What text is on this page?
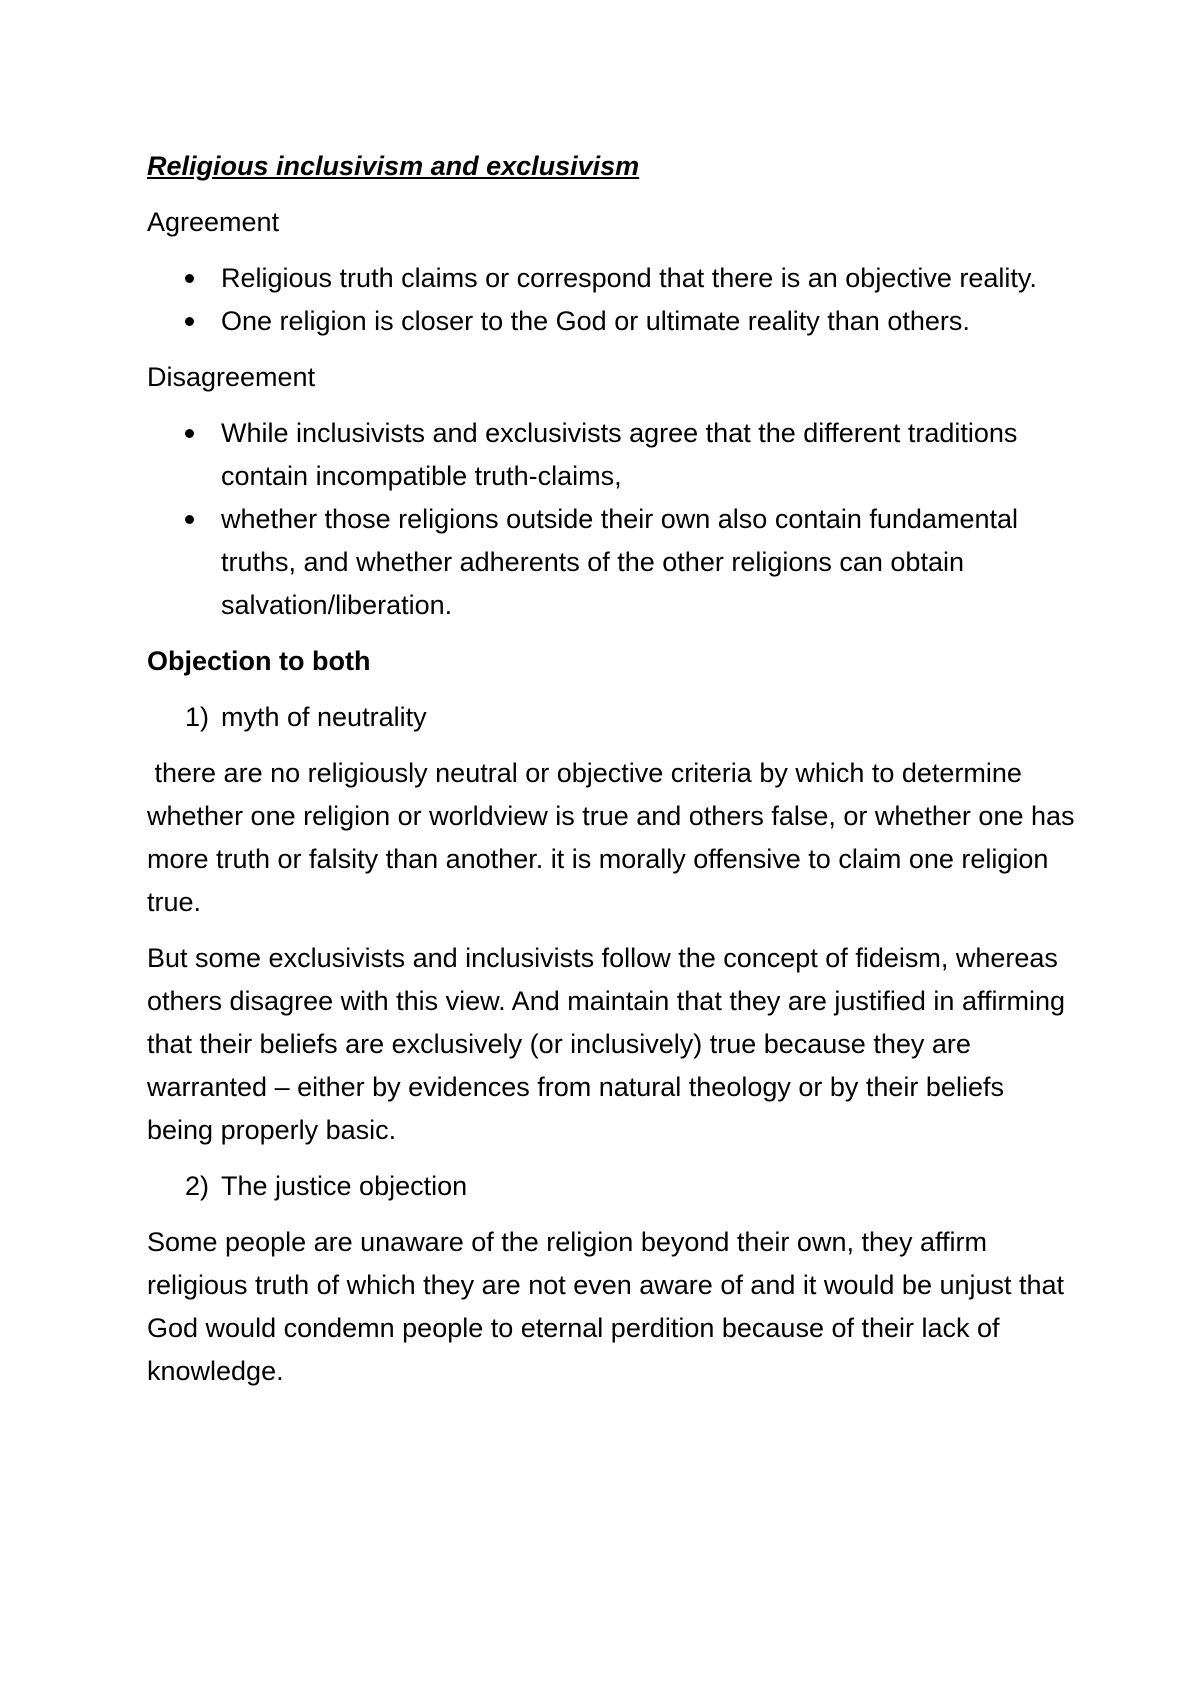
Religious inclusivism and exclusivism
Agreement
Religious truth claims or correspond that there is an objective reality.
One religion is closer to the God or ultimate reality than others.
Disagreement
While inclusivists and exclusivists agree that the different traditions contain incompatible truth-claims,
whether those religions outside their own also contain fundamental truths, and whether adherents of the other religions can obtain salvation/liberation.
Objection to both
1) myth of neutrality
there are no religiously neutral or objective criteria by which to determine whether one religion or worldview is true and others false, or whether one has more truth or falsity than another. it is morally offensive to claim one religion true.
But some exclusivists and inclusivists follow the concept of fideism, whereas others disagree with this view. And maintain that they are justified in affirming that their beliefs are exclusively (or inclusively) true because they are warranted – either by evidences from natural theology or by their beliefs being properly basic.
2) The justice objection
Some people are unaware of the religion beyond their own, they affirm religious truth of which they are not even aware of and it would be unjust that God would condemn people to eternal perdition because of their lack of knowledge.
